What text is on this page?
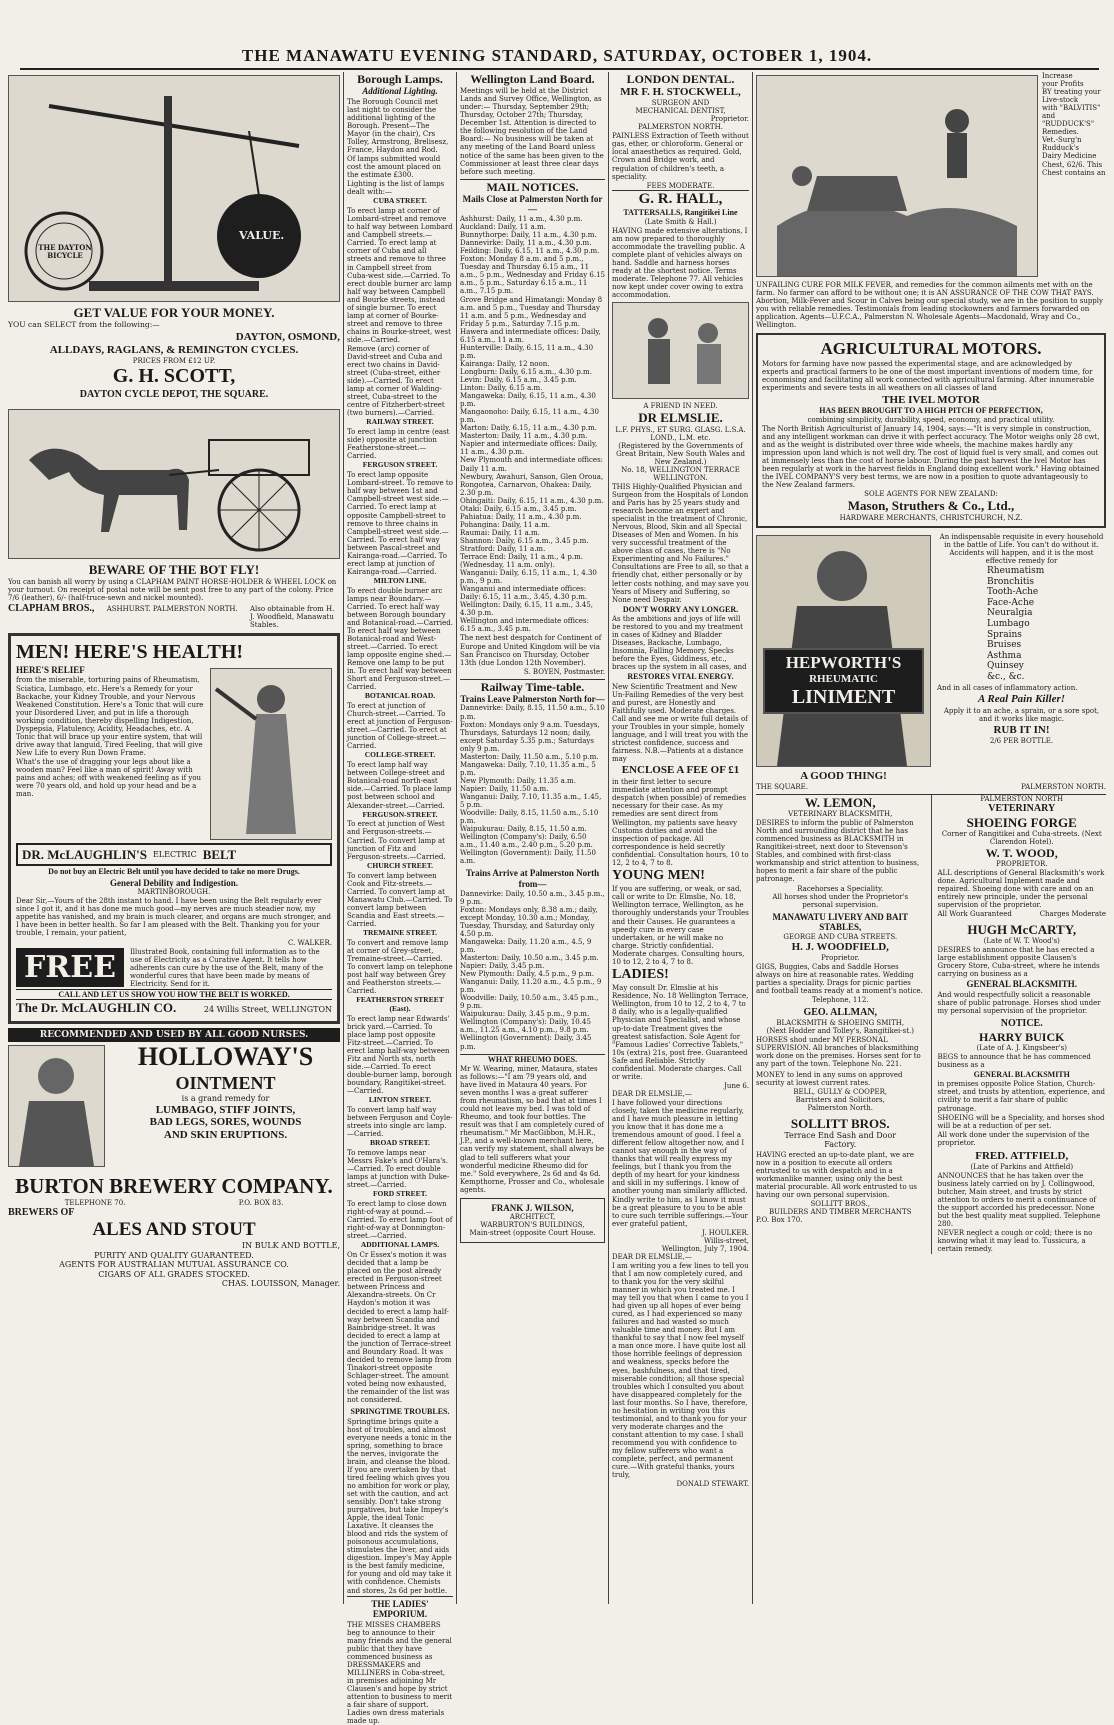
THE MANAWATU EVENING STANDARD, SATURDAY, OCTOBER 1, 1904.
THE DAYTON BICYCLE
VALUE.
GET VALUE FOR YOUR MONEY.

YOU can SELECT from the following:—

DAYTON, OSMOND,
ALLDAYS, RAGLANS, & REMINGTON CYCLES.
PRICES FROM £12 UP.
G. H. SCOTT,
DAYTON CYCLE DEPOT, THE SQUARE.
BEWARE OF THE BOT FLY!

You can banish all worry by using a CLAPHAM PAINT HORSE-HOLDER & WHEEL LOCK on your turnout. On receipt of postal note will be sent post free to any part of the colony. Price 7/6 (leather), 6/- (half-truce-sewn and nickel mounted).

CLAPHAM BROS., ASHHURST. PALMERSTON NORTH. Also obtainable from H. J. Woodfield, Manawatu Stables.
MEN! HERE'S HEALTH!
HERE'S RELIEF

from the miserable, torturing pains of Rheumatism, Sciatica, Lumbago, etc. Here's a Remedy for your Backache, your Kidney Trouble, and your Nervous Weakened Constitution. Here's a Tonic that will cure your Disordered Liver, and put in life a thorough working condition, thereby dispelling Indigestion, Dyspepsia, Flatulency, Acidity, Headaches, etc. A Tonic that will brace up your entire system, that will drive away that languid, Tired Feeling, that will give New Life to every Run Down Frame.

What's the use of dragging your legs about like a wooden man? Feel like a man of spirit! Away with pains and aches; off with weakened feeling as if you were 70 years old, and hold up your head and be a man.

DR. McLAUGHLIN'S ELECTRIC BELT

Do not buy an Electric Belt until you have decided to take no more Drugs.

General Debility and Indigestion.
MARTINBOROUGH.

Dear Sir,—Yours of the 28th instant to hand. I have been using the Belt regularly ever since I got it, and it has done me much good—my nerves are much steadier now, my appetite has vanished, and my brain is much clearer, and organs are much stronger, and I have been in better health. So far I am pleased with the Belt. Thanking you for your trouble, I remain, your patient,

C. WALKER.
FREE	Illustrated Book, containing full information as to the use of Electricity as a Curative Agent. It tells how adherents can cure by the use of the Belt, many of the wonderful cures that have been made by means of Electricity. Send for it.

CALL AND LET US SHOW YOU HOW THE BELT IS WORKED.
The Dr. McLAUGHLIN CO.	24 Willis Street, WELLINGTON
RECOMMENDED AND USED BY ALL GOOD NURSES.
HOLLOWAY'S
OINTMENT
is a grand remedy for
LUMBAGO, STIFF JOINTS,
BAD LEGS, SORES, WOUNDS
AND SKIN ERUPTIONS.
BURTON BREWERY COMPANY.
TELEPHONE 70.	P.O. BOX 83.
BREWERS OF
ALES AND STOUT
IN BULK AND BOTTLE,
PURITY AND QUALITY GUARANTEED.
AGENTS FOR AUSTRALIAN MUTUAL ASSURANCE CO.
CIGARS OF ALL GRADES STOCKED.
CHAS. LOUISSON, Manager.
Borough Lamps.
Additional Lighting.

The Borough Council met last night to consider the additional lighting of the Borough. Present—The Mayor (in the chair), Crs Tolley, Armstrong, Brelisesz, France, Haydon and Rod.

Of lamps submitted would cost the amount placed on the estimate £300.

Lighting is the list of lamps dealt with:—

CUBA STREET.

To erect lamp at corner of Lombard-street and remove to half way between Lombard and Campbell streets.—Carried. To erect lamp at corner of Cuba and all streets and remove to three in Campbell street from Cuba-west side.—Carried. To erect double burner arc lamp half way between Campbell and Bourke streets, instead of single burner. To erect lamp at corner of Bourke-street and remove to three chains in Bourke-street, west side.—Carried.

Remove (arc) corner of David-street and Cuba and erect two chains in David-street (Cuba-street, either side).—Carried. To erect lamp at corner of Walding-street, Cuba-street to the centre of Fitzherbert-street (two burners).—Carried.

RAILWAY STREET.

To erect lamp in centre (east side) opposite at junction Featherstone-street.—Carried.

FERGUSON STREET.

To erect lamp opposite Lombard-street. To remove to half way between 1st and Campbell-street west side.—Carried. To erect lamp at opposite Campbell-street to remove to three chains in Campbell-street west side.—Carried. To erect half way between Pascal-street and Kairanga-road.—Carried. To erect lamp at junction of Kairanga-road.—Carried.

MILTON LINE.

To erect double burner arc lamps near Boundary.—Carried. To erect half way between Borough boundary and Botanical-road.—Carried. To erect half way between Botanical-road and West-street.—Carried. To erect lamp opposite engine shed.—Remove one lamp to be put in. To erect half way between Short and Ferguson-street.—Carried.

BOTANICAL ROAD.

To erect at junction of Church-street.—Carried. To erect at junction of Ferguson-street.—Carried. To erect at junction of College-street.—Carried.

COLLEGE-STREET.

To erect lamp half way between College-street and Botanical-road north-east side.—Carried. To place lamp post between school and Alexander-street.—Carried.

FERGUSON-STREET.

To erect at junction of West and Ferguson-streets.—Carried. To convert lamp at junction of Fitz and Ferguson-streets.—Carried.

CHURCH STREET.

To convert lamp between Cook and Fitz-streets.—Carried. To convert lamp at Manawatu Club.—Carried. To convert lamp between Scandia and East streets.—Carried.

TREMAINE STREET.

To convert and remove lamp at corner of Grey-street, Tremaine-street.—Carried. To convert lamp on telephone post half way between Grey and Featherston streets.—Carried.

FEATHERSTON STREET (East).

To erect lamp near Edwards' brick yard.—Carried. To place lamp post opposite Fitz-street.—Carried. To erect lamp half-way between Fitz and North sts, north side.—Carried. To erect double-burner lamp, borough boundary, Rangitikei-street.—Carried.

LINTON STREET.

To convert lamp half way between Ferguson and Coyle-streets into single arc lamp.—Carried.

BROAD STREET.

To remove lamps near Messrs Fake's and O'Hara's.—Carried. To erect double lamps at junction with Duke-street.—Carried.

FORD STREET.

To erect lamp to close down right-of-way at pound.—Carried. To erect lamp foot of right-of-way at Donnington-street.—Carried.

ADDITIONAL LAMPS.

On Cr Essex's motion it was decided that a lamp be placed on the post already erected in Ferguson-street between Princess and Alexandra-streets. On Cr Haydon's motion it was decided to erect a lamp half-way between Scandia and Bainbridge-street. It was decided to erect a lamp at the junction of Terrace-street and Boundary Road. It was decided to remove lamp from Tinakori-street opposite Schlager-street. The amount voted being now exhausted, the remainder of the list was not considered.

SPRINGTIME TROUBLES.

Springtime brings quite a host of troubles, and almost everyone needs a tonic in the spring, something to brace the nerves, invigorate the brain, and cleanse the blood. If you are overtaken by that tired feeling which gives you no ambition for work or play, set with the caution, and act sensibly. Don't take strong purgatives, but take Impey's Apple, the ideal Tonic Laxative. It cleanses the blood and rids the system of poisonous accumulations, stimulates the liver, and aids digestion. Impey's May Apple is the best family medicine, for young and old may take it with confidence. Chemists and stores, 2s 6d per bottle.

THE LADIES' EMPORIUM.

THE MISSES CHAMBERS beg to announce to their many friends and the general public that they have commenced business as DRESSMAKERS and MILLINERS in Coba-street, in premises adjoining Mr Clausen's and hope by strict attention to business to merit a fair share of support. Ladies own dress materials made up.

Wellington Land Board.

Meetings will be held at the District Lands and Survey Office, Wellington, as under:— Thursday, September 29th; Thursday, October 27th; Thursday, December 1st. Attention is directed to the following resolution of the Land Board:— No business will be taken at any meeting of the Land Board unless notice of the same has been given to the Commissioner at least three clear days before such meeting.

MAIL NOTICES.
Mails Close at Palmerston North for—
Ashhurst: Daily, 11 a.m., 4.30 p.m.
Auckland: Daily, 11 a.m.
Bunnythorpe: Daily, 11 a.m., 4.30 p.m.
Dannevirke: Daily, 11 a.m., 4.30 p.m.
Feilding: Daily, 6.15, 11 a.m., 4.30 p.m.
Foxton: Monday 8 a.m. and 5 p.m., Tuesday and Thursday 6.15 a.m., 11 a.m., 5 p.m., Wednesday and Friday 6.15 a.m., 5 p.m., Saturday 6.15 a.m., 11 a.m., 7.15 p.m.
Grove Bridge and Himatangi: Monday 8 a.m. and 5 p.m., Tuesday and Thursday 11 a.m. and 5 p.m., Wednesday and Friday 5 p.m., Saturday 7.15 p.m.
Hawera and intermediate offices: Daily, 6.15 a.m., 11 a.m.
Hunterville: Daily, 6.15, 11 a.m., 4.30 p.m.
Kairanga: Daily, 12 noon.
Longburn: Daily, 6.15 a.m., 4.30 p.m.
Levin: Daily, 6.15 a.m., 3.45 p.m.
Linton: Daily, 6.15 a.m.
Mangaweka: Daily, 6.15, 11 a.m., 4.30 p.m.
Mangaonoho: Daily, 6.15, 11 a.m., 4.30 p.m.
Marton: Daily, 6.15, 11 a.m., 4.30 p.m.
Masterton: Daily, 11 a.m., 4.30 p.m.
Napier and intermediate offices: Daily, 11 a.m., 4.30 p.m.
New Plymouth and intermediate offices: Daily 11 a.m.
Newbury, Awahuri, Sanson, Glen Oroua, Rongotea, Carnarvon, Ohakea: Daily, 2.30 p.m.
Ohingaiti: Daily, 6.15, 11 a.m., 4.30 p.m.
Otaki: Daily, 6.15 a.m., 3.45 p.m.
Pahiatua: Daily, 11 a.m., 4.30 p.m.
Pohangina: Daily, 11 a.m.
Raumai: Daily, 11 a.m.
Shannon: Daily, 6.15 a.m., 3.45 p.m.
Stratford: Daily, 11 a.m.
Terrace End: Daily, 11 a.m., 4 p.m. (Wednesday, 11 a.m. only).
Wanganui: Daily, 6.15, 11 a.m., 1, 4.30 p.m., 9 p.m.
Wanganui and intermediate offices: Daily: 6.15, 11 a.m., 3.45, 4.30 p.m.
Wellington: Daily, 6.15, 11 a.m., 3.45, 4.30 p.m.
Wellington and intermediate offices: 6.15 a.m., 3.45 p.m.

The next best despatch for Continent of Europe and United Kingdom will be via San Francisco on Thursday, October 13th (due London 12th November).

S. BOYEN, Postmaster.
Railway Time-table.
Trains Leave Palmerston North for—
Dannevirke: Daily, 8.15, 11.50 a.m., 5.10 p.m.
Foxton: Mondays only 9 a.m. Tuesdays, Thursdays, Saturdays 12 noon; daily, except Saturday 5.35 p.m.; Saturdays only 9 p.m.
Masterton: Daily, 11.50 a.m., 5.10 p.m.
Mangaweka: Daily, 7.10, 11.35 a.m., 5 p.m.
New Plymouth: Daily, 11.35 a.m.
Napier: Daily, 11.50 a.m.
Wanganui: Daily, 7.10, 11.35 a.m., 1.45, 5 p.m.
Woodville: Daily, 8.15, 11.50 a.m., 5.10 p.m.
Waipukurau: Daily, 8.15, 11.50 a.m.
Wellington (Company's): Daily, 6.50 a.m., 11.40 a.m., 2.40 p.m., 5.20 p.m.
Wellington (Government): Daily, 11.50 a.m.
Trains Arrive at Palmerston North from—
Dannevirke: Daily, 10.50 a.m., 3.45 p.m., 9 p.m.
Foxton: Mondays only, 8.38 a.m.; daily, except Monday, 10.30 a.m.; Monday, Tuesday, Thursday, and Saturday only 4.50 p.m.
Mangaweka: Daily, 11.20 a.m., 4.5, 9 p.m.
Masterton: Daily, 10.50 a.m., 3.45 p.m.
Napier: Daily, 3.45 p.m.
New Plymouth: Daily, 4.5 p.m., 9 p.m.
Wanganui: Daily, 11.20 a.m., 4.5 p.m., 9 p.m.
Woodville: Daily, 10.50 a.m., 3.45 p.m., 9 p.m.
Waipukurau: Daily, 3.45 p.m., 9 p.m.
Wellington (Company's): Daily, 10.45 a.m., 11.25 a.m., 4.10 p.m., 9.8 p.m.
Wellington (Government): Daily, 3.45 p.m.
WHAT RHEUMO DOES.

Mr W. Wearing, miner, Mataura, states as follows:—"I am 79 years old, and have lived in Mataura 40 years. For seven months I was a great sufferer from rheumatism, so bad that at times I could not leave my bed. I was told of Rheumo, and took four bottles. The result was that I am completely cured of rheumatism." Mr MacGibbon, M.H.R., J.P., and a well-known merchant here, can verify my statement, shall always be glad to tell sufferers what your wonderful medicine Rheumo did for me." Sold everywhere, 2s 6d and 4s 6d. Kempthorne, Prosser and Co., wholesale agents.

FRANK J. WILSON,
ARCHITECT,
WARBURTON'S BUILDINGS,
Main-street (opposite Court House.
LONDON DENTAL.
MR F. H. STOCKWELL,
SURGEON AND
MECHANICAL DENTIST,
Proprietor.
PALMERSTON NORTH.

PAINLESS Extraction of Teeth without gas, ether, or chloroform. General or local anaesthetics as required. Gold, Crown and Bridge work, and regulation of children's teeth, a speciality.

FEES MODERATE.
G. R. HALL,
TATTERSALLS, Rangitikei Line
(Late Smith & Hall.)

HAVING made extensive alterations, I am now prepared to thoroughly accommodate the travelling public. A complete plant of vehicles always on hand. Saddle and harness horses ready at the shortest notice. Terms moderate. Telephone 77. All vehicles now kept under cover owing to extra accommodation.

A FRIEND IN NEED.
DR ELMSLIE.
L.F. PHYS., ET SURG. GLASG. L.S.A. LOND., L.M. etc.
(Registered by the Governments of Great Britain, New South Wales and New Zealand.)
No. 18, WELLINGTON TERRACE WELLINGTON.

THIS Highly-Qualified Physician and Surgeon from the Hospitals of London and Paris has by 25 years study and research become an expert and specialist in the treatment of Chronic, Nervous, Blood, Skin and all Special Diseases of Men and Women. In his very successful treatment of the above class of cases, there is "No Experimenting and No Failures." Consultations are Free to all, so that a friendly chat, either personally or by letter costs nothing, and may save you Years of Misery and Suffering, so None need Despair.

DON'T WORRY ANY LONGER.

As the ambitions and joys of life will be restored to you and my treatment in cases of Kidney and Bladder Diseases, Backache, Lumbago, Insomnia, Falling Memory, Specks before the Eyes, Giddiness, etc., braces up the system in all cases, and

RESTORES VITAL ENERGY.

New Scientific Treatment and New Un-Failing Remedies of the very best and purest, are Honestly and Faithfully used. Moderate charges. Call and see me or write full details of your Troubles in your simple, homely language, and I will treat you with the strictest confidence, success and fairness. N.B.—Patients at a distance may

ENCLOSE A FEE OF £1

in their first letter to secure immediate attention and prompt despatch (when possible) of remedies necessary for their case. As my remedies are sent direct from Wellington, my patients save heavy Customs duties and avoid the inspection of package. All correspondence is held secretly confidential. Consultation hours, 10 to 12, 2 to 4, 7 to 8.

YOUNG MEN!

If you are suffering, or weak, or sad, call or write to Dr. Elmslie, No. 18, Wellington terrace, Wellington, as he thoroughly understands your Troubles and their Causes. He guarantees a speedy cure in every case undertaken, or he will make no charge. Strictly confidential. Moderate charges. Consulting hours, 10 to 12, 2 to 4, 7 to 8.

LADIES!

May consult Dr. Elmslie at his Residence, No. 18 Wellington Terrace, Wellington, from 10 to 12, 2 to 4, 7 to 8 daily, who is a legally-qualified Physician and Specialist, and whose up-to-date Treatment gives the greatest satisfaction. Sole Agent for "Famous Ladies' Corrective Tablets," 10s (extra) 21s, post free. Guaranteed Safe and Reliable. Strictly confidential. Moderate charges. Call or write.

June 6.
DEAR DR ELMSLIE,—

I have followed your directions closely, taken the medicine regularly, and I have much pleasure in letting you know that it has done me a tremendous amount of good. I feel a different fellow altogether now, and I cannot say enough in the way of thanks that will really express my feelings, but I thank you from the depth of my heart for your kindness and skill in my sufferings. I know of another young man similarly afflicted. Kindly write to him, as I know it must be a great pleasure to you to be able to cure such terrible sufferings.—Your ever grateful patient,

J. HOULKER.
Willis-street,
Wellington, July 7, 1904.
DEAR DR ELMSLIE,—

I am writing you a few lines to tell you that I am now completely cured, and to thank you for the very skilful manner in which you treated me. I may tell you that when I came to you I had given up all hopes of ever being cured, as I had experienced so many failures and had wasted so much valuable time and money. But I am thankful to say that I now feel myself a man once more. I have quite lost all those horrible feelings of depression and weakness, specks before the eyes, bashfulness, and that tired, miserable condition; all those special troubles which I consulted you about have disappeared completely for the last four months. So I have, therefore, no hesitation in writing you this testimonial, and to thank you for your very moderate charges and the constant attention to my case. I shall recommend you with confidence to my fellow sufferers who want a complete, perfect, and permanent cure.—With grateful thanks, yours truly,

DONALD STEWART.
Increase
your Profits
BY treating your
Live-stock
with "BALVITIS"
and "RUDDUCK'S"
Remedies.
Vet.-Surg'n
Rudduck's
Dairy Medicine
Chest, 62/6. This
Chest contains an

UNFAILING CURE FOR MILK FEVER, and remedies for the common ailments met with on the farm. No farmer can afford to be without one; it is AN ASSURANCE OF THE COW THAT PAYS. Abortion, Milk-Fever and Scour in Calves being our special study, we are in the position to supply you with reliable remedies. Testimonials from leading stockowners and farmers forwarded on application. Agents—U.F.C.A., Palmerston N. Wholesale Agents—Macdonald, Wray and Co., Wellington.

AGRICULTURAL MOTORS.

Motors for farming have now passed the experimental stage, and are acknowledged by experts and practical farmers to be one of the most important inventions of modern time, for economising and facilitating all work connected with agricultural farming. After innumerable experiments and severe tests in all weathers on all classes of land

THE IVEL MOTOR
HAS BEEN BROUGHT TO A HIGH PITCH OF PERFECTION,
combining simplicity, durability, speed, economy, and practical utility.

The North British Agriculturist of January 14, 1904, says:—"It is very simple in construction, and any intelligent workman can drive it with perfect accuracy. The Motor weighs only 28 cwt, and as the weight is distributed over three wide wheels, the machine makes hardly any impression upon land which is not well dry. The cost of liquid fuel is very small, and comes out at immensely less than the cost of horse labour. During the past harvest the Ivel Motor has been regularly at work in the harvest fields in England doing excellent work." Having obtained the IVEL COMPANY'S very best terms, we are now in a position to quote advantageously to the New Zealand farmers.

SOLE AGENTS FOR NEW ZEALAND:
Mason, Struthers & Co., Ltd.,
HARDWARE MERCHANTS, CHRISTCHURCH, N.Z.
HEPWORTH'S
RHEUMATIC
LINIMENT
A GOOD THING!

An indispensable requisite in every household in the battle of Life. You can't do without it. Accidents will happen, and it is the most effective remedy for

Rheumatism
Bronchitis
Tooth-Ache
Face-Ache
Neuralgia
Lumbago
Sprains
Bruises
Asthma
Quinsey
&c., &c.

And in all cases of inflammatory action.

A Real Pain Killer!

Apply it to an ache, a sprain, or a sore spot, and it works like magic.

RUB IT IN!
2/6 PER BOTTLE.
THE SQUARE.	PALMERSTON NORTH.
W. LEMON,
VETERINARY BLACKSMITH,

DESIRES to inform the public of Palmerston North and surrounding district that he has commenced business as BLACKSMITH in Rangitikei-street, next door to Stevenson's Stables, and combined with first-class workmanship and strict attention to business, hopes to merit a fair share of the public patronage.

Racehorses a Speciality.
All horses shod under the Proprietor's personal supervision.
MANAWATU LIVERY AND BAIT STABLES,
GEORGE AND CUBA STREETS.
H. J. WOODFIELD,
Proprietor.

GIGS, Buggies, Cabs and Saddle Horses always on hire at reasonable rates. Wedding parties a speciality. Drags for picnic parties and football teams ready at a moment's notice.

Telephone, 112.
GEO. ALLMAN,
BLACKSMITH & SHOEING SMITH,
(Next Hodder and Tolley's, Rangitikei-st.)

HORSES shod under MY PERSONAL SUPERVISION. All branches of blacksmithing work done on the premises. Horses sent for to any part of the town. Telephone No. 221.

MONEY to lend in any sums on approved security at lowest current rates.

BELL, GULLY & COOPER,
Barristers and Solicitors,
Palmerston North.
SOLLITT BROS.
Terrace End Sash and Door
Factory.

HAVING erected an up-to-date plant, we are now in a position to execute all orders entrusted to us with despatch and in a workmanlike manner, using only the best material procurable. All work entrusted to us having our own personal supervision.

SOLLITT BROS.,
BUILDERS AND TIMBER MERCHANTS
P.O. Box 170.
PALMERSTON NORTH
VETERINARY
SHOEING FORGE
Corner of Rangitikei and Cuba-streets. (Next Clarendon Hotel).
W. T. WOOD,
PROPRIETOR.

ALL descriptions of General Blacksmith's work done. Agricultural Implement made and repaired. Shoeing done with care and on an entirely new principle, under the personal supervision of the proprietor.

All Work Guaranteed	Charges Moderate
HUGH McCARTY,
(Late of W. T. Wood's)

DESIRES to announce that he has erected a large establishment opposite Clausen's Grocery Store, Cuba-street, where he intends carrying on business as a

GENERAL BLACKSMITH.

And would respectfully solicit a reasonable share of public patronage. Horses shod under my personal supervision of the proprietor.

NOTICE.
HARRY BUICK
(Late of A. J. Kingsbeer's)

BEGS to announce that he has commenced business as a

GENERAL BLACKSMITH

in premises opposite Police Station, Church-street, and trusts by attention, experience, and civility to merit a fair share of public patronage.

SHOEING will be a Speciality, and horses shod will be at a reduction of per set.

All work done under the supervision of the proprietor.

FRED. ATTFIELD,
(Late of Parkins and Attfield)

ANNOUNCES that he has taken over the business lately carried on by J. Collingwood, butcher, Main street, and trusts by strict attention to orders to merit a continuance of the support accorded his predecessor. None but the best quality meat supplied. Telephone 280.

NEVER neglect a cough or cold; there is no knowing what it may lead to. Tussicura, a certain remedy.
